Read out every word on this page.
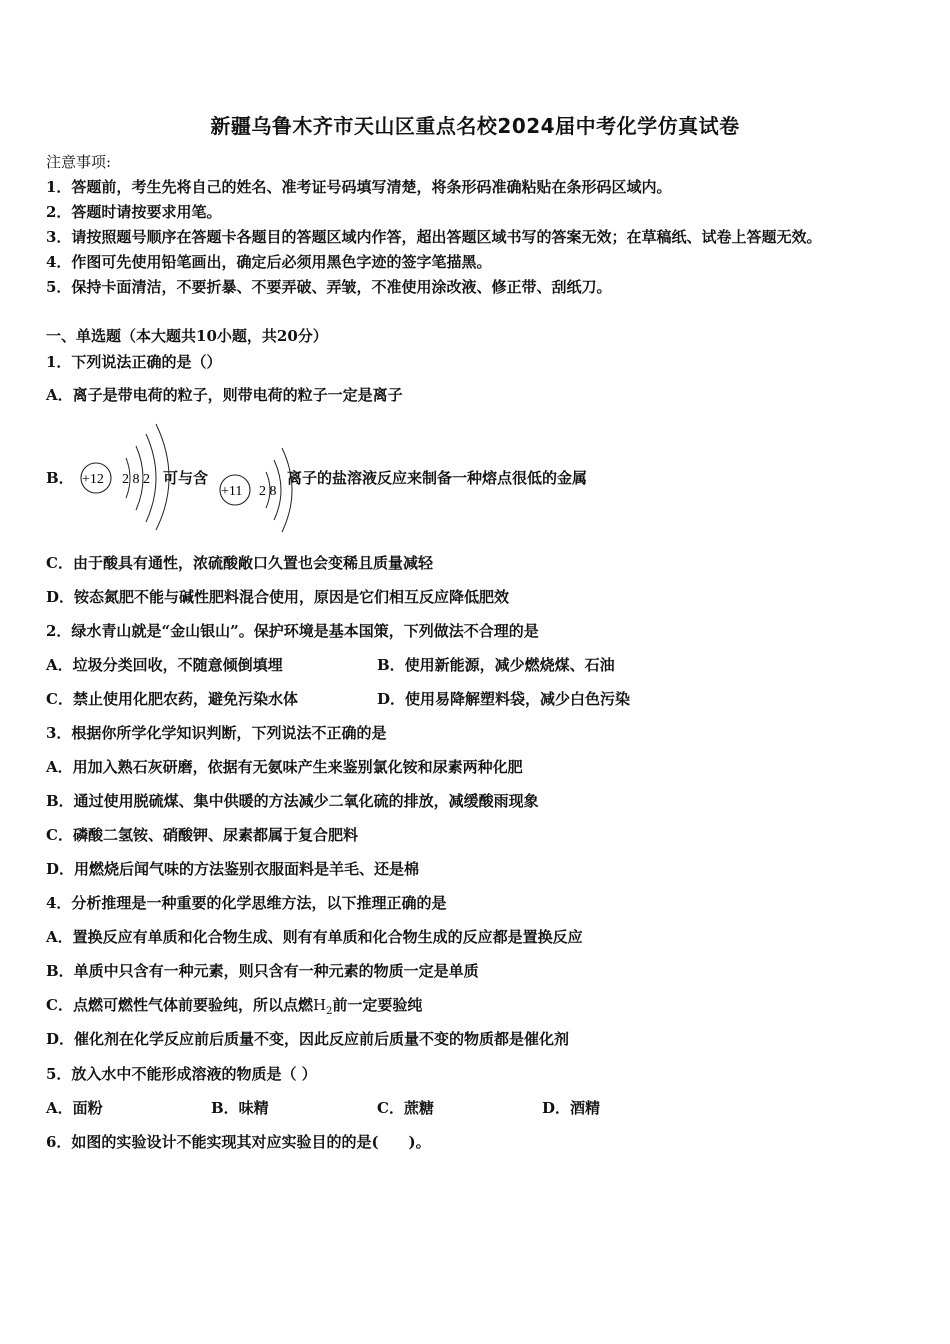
新疆乌鲁木齐市天山区重点名校2024届中考化学仿真试卷
注意事项:
1．答题前，考生先将自己的姓名、准考证号码填写清楚，将条形码准确粘贴在条形码区域内。
2．答题时请按要求用笔。
3．请按照题号顺序在答题卡各题目的答题区域内作答，超出答题区域书写的答案无效；在草稿纸、试卷上答题无效。
4．作图可先使用铅笔画出，确定后必须用黑色字迹的签字笔描黑。
5．保持卡面清洁，不要折暴、不要弄破、弄皱，不准使用涂改液、修正带、刮纸刀。
一、单选题（本大题共10小题，共20分）
1．下列说法正确的是（）
A．离子是带电荷的粒子，则带电荷的粒子一定是离子
B． +12 2 8 2 可与含
+11 2 8
离子的盐溶液反应来制备一种熔点很低的金属
C．由于酸具有通性，浓硫酸敞口久置也会变稀且质量减轻
D．铵态氮肥不能与碱性肥料混合使用，原因是它们相互反应降低肥效
2．绿水青山就是“金山银山”。保护环境是基本国策，下列做法不合理的是
A．垃圾分类回收，不随意倾倒填埋	B．使用新能源，减少燃烧煤、石油
C．禁止使用化肥农药，避免污染水体	D．使用易降解塑料袋，减少白色污染
3．根据你所学化学知识判断，下列说法不正确的是
A．用加入熟石灰研磨，依据有无氨味产生来鉴别氯化铵和尿素两种化肥
B．通过使用脱硫煤、集中供暖的方法减少二氧化硫的排放，减缓酸雨现象
C．磷酸二氢铵、硝酸钾、尿素都属于复合肥料
D．用燃烧后闻气味的方法鉴别衣服面料是羊毛、还是棉
4．分析推理是一种重要的化学思维方法，以下推理正确的是
A．置换反应有单质和化合物生成、则有有单质和化合物生成的反应都是置换反应
B．单质中只含有一种元素，则只含有一种元素的物质一定是单质
C．点燃可燃性气体前要验纯，所以点燃$H_2$前一定要验纯
D．催化剂在化学反应前后质量不变，因此反应前后质量不变的物质都是催化剂
5．放入水中不能形成溶液的物质是（ ）
A．面粉	B．味精	C．蔗糖	D．酒精
6．如图的实验设计不能实现其对应实验目的的是(　　)。
